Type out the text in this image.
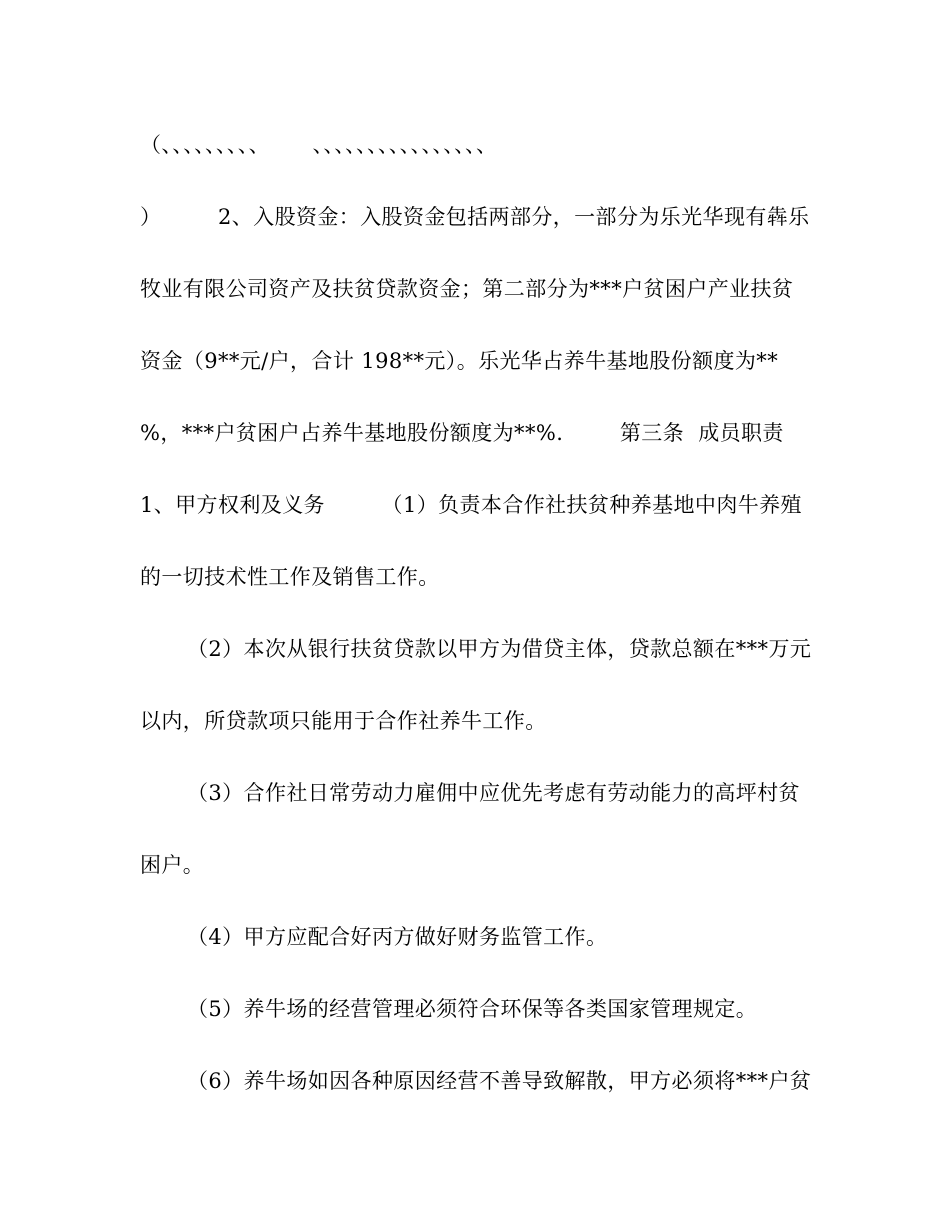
（、、、、、、、、、      、、、、、、、、、、、、、、、、
）        2、入股资金：入股资金包括两部分，一部分为乐光华现有犇乐
牧业有限公司资产及扶贫贷款资金；第二部分为***户贫困户产业扶贫
资金（9**元/户，合计 198**元）。乐光华占养牛基地股份额度为**
%，***户贫困户占养牛基地股份额度为**%.        第三条  成员职责
1、甲方权利及义务        （1）负责本合作社扶贫种养基地中肉牛养殖
的一切技术性工作及销售工作。
（2）本次从银行扶贫贷款以甲方为借贷主体，贷款总额在***万元
以内，所贷款项只能用于合作社养牛工作。
（3）合作社日常劳动力雇佣中应优先考虑有劳动能力的高坪村贫
困户。
（4）甲方应配合好丙方做好财务监管工作。
（5）养牛场的经营管理必须符合环保等各类国家管理规定。
（6）养牛场如因各种原因经营不善导致解散，甲方必须将***户贫
